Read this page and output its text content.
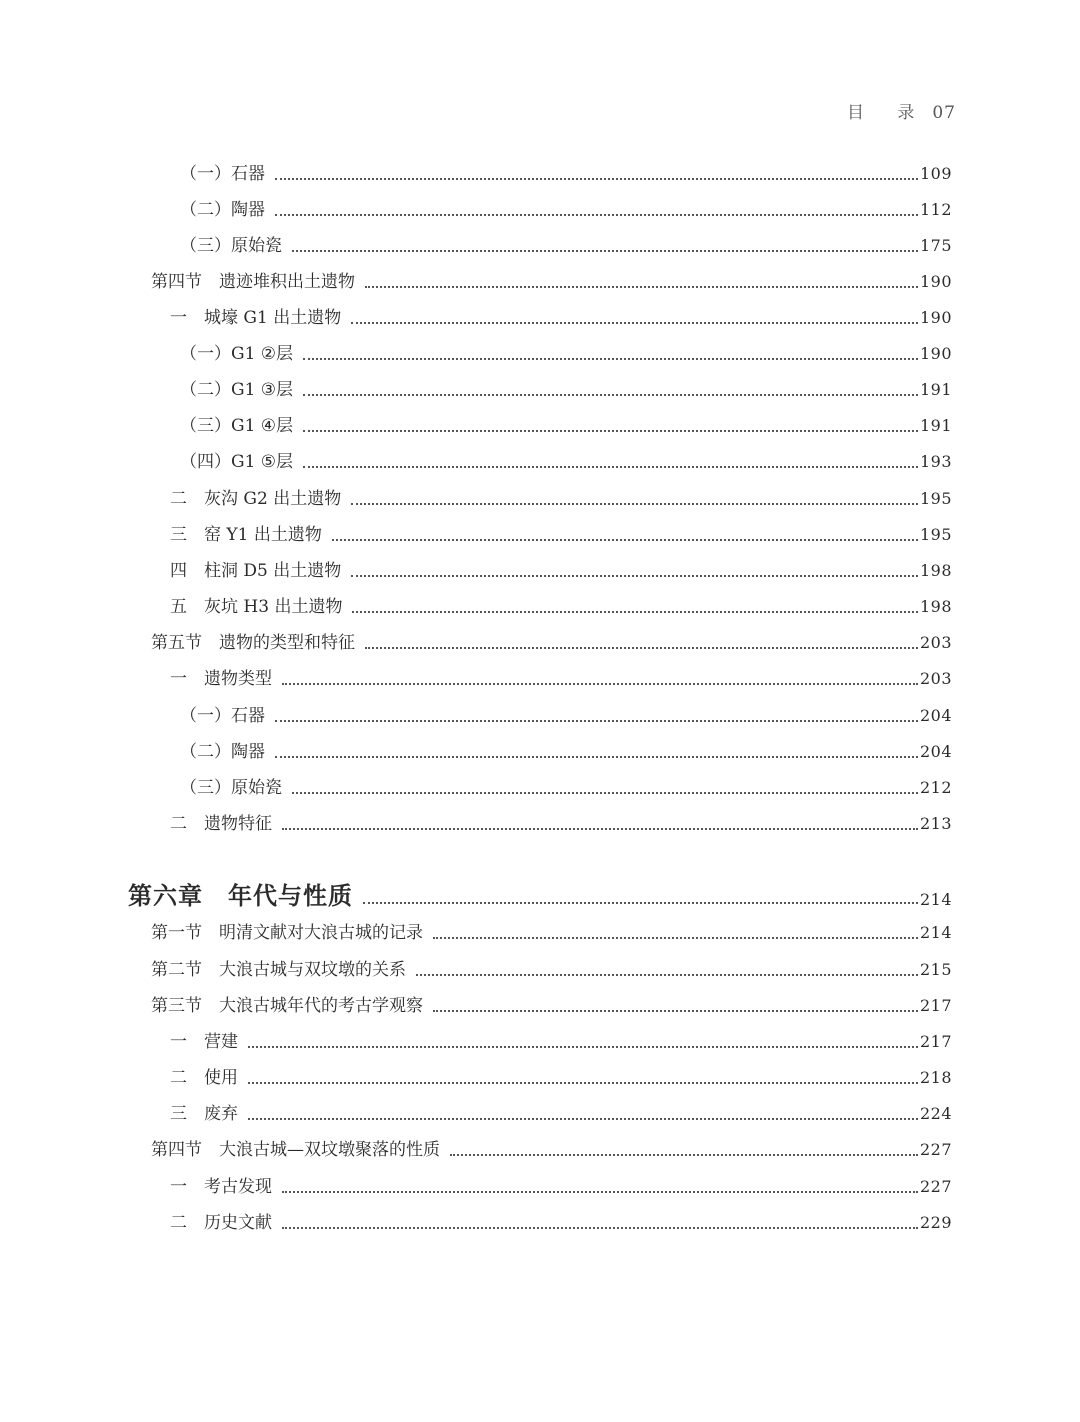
目 录 07
（一）石器	109
（二）陶器	112
（三）原始瓷	175
第四节　遗迹堆积出土遗物	190
一　城壕 G1 出土遗物	190
（一）G1 ②层	190
（二）G1 ③层	191
（三）G1 ④层	191
（四）G1 ⑤层	193
二　灰沟 G2 出土遗物	195
三　窑 Y1 出土遗物	195
四　柱洞 D5 出土遗物	198
五　灰坑 H3 出土遗物	198
第五节　遗物的类型和特征	203
一　遗物类型	203
（一）石器	204
（二）陶器	204
（三）原始瓷	212
二　遗物特征	213
第六章　年代与性质	214
第一节　明清文献对大浪古城的记录	214
第二节　大浪古城与双坟墩的关系	215
第三节　大浪古城年代的考古学观察	217
一　营建	217
二　使用	218
三　废弃	224
第四节　大浪古城—双坟墩聚落的性质	227
一　考古发现	227
二　历史文献	229
